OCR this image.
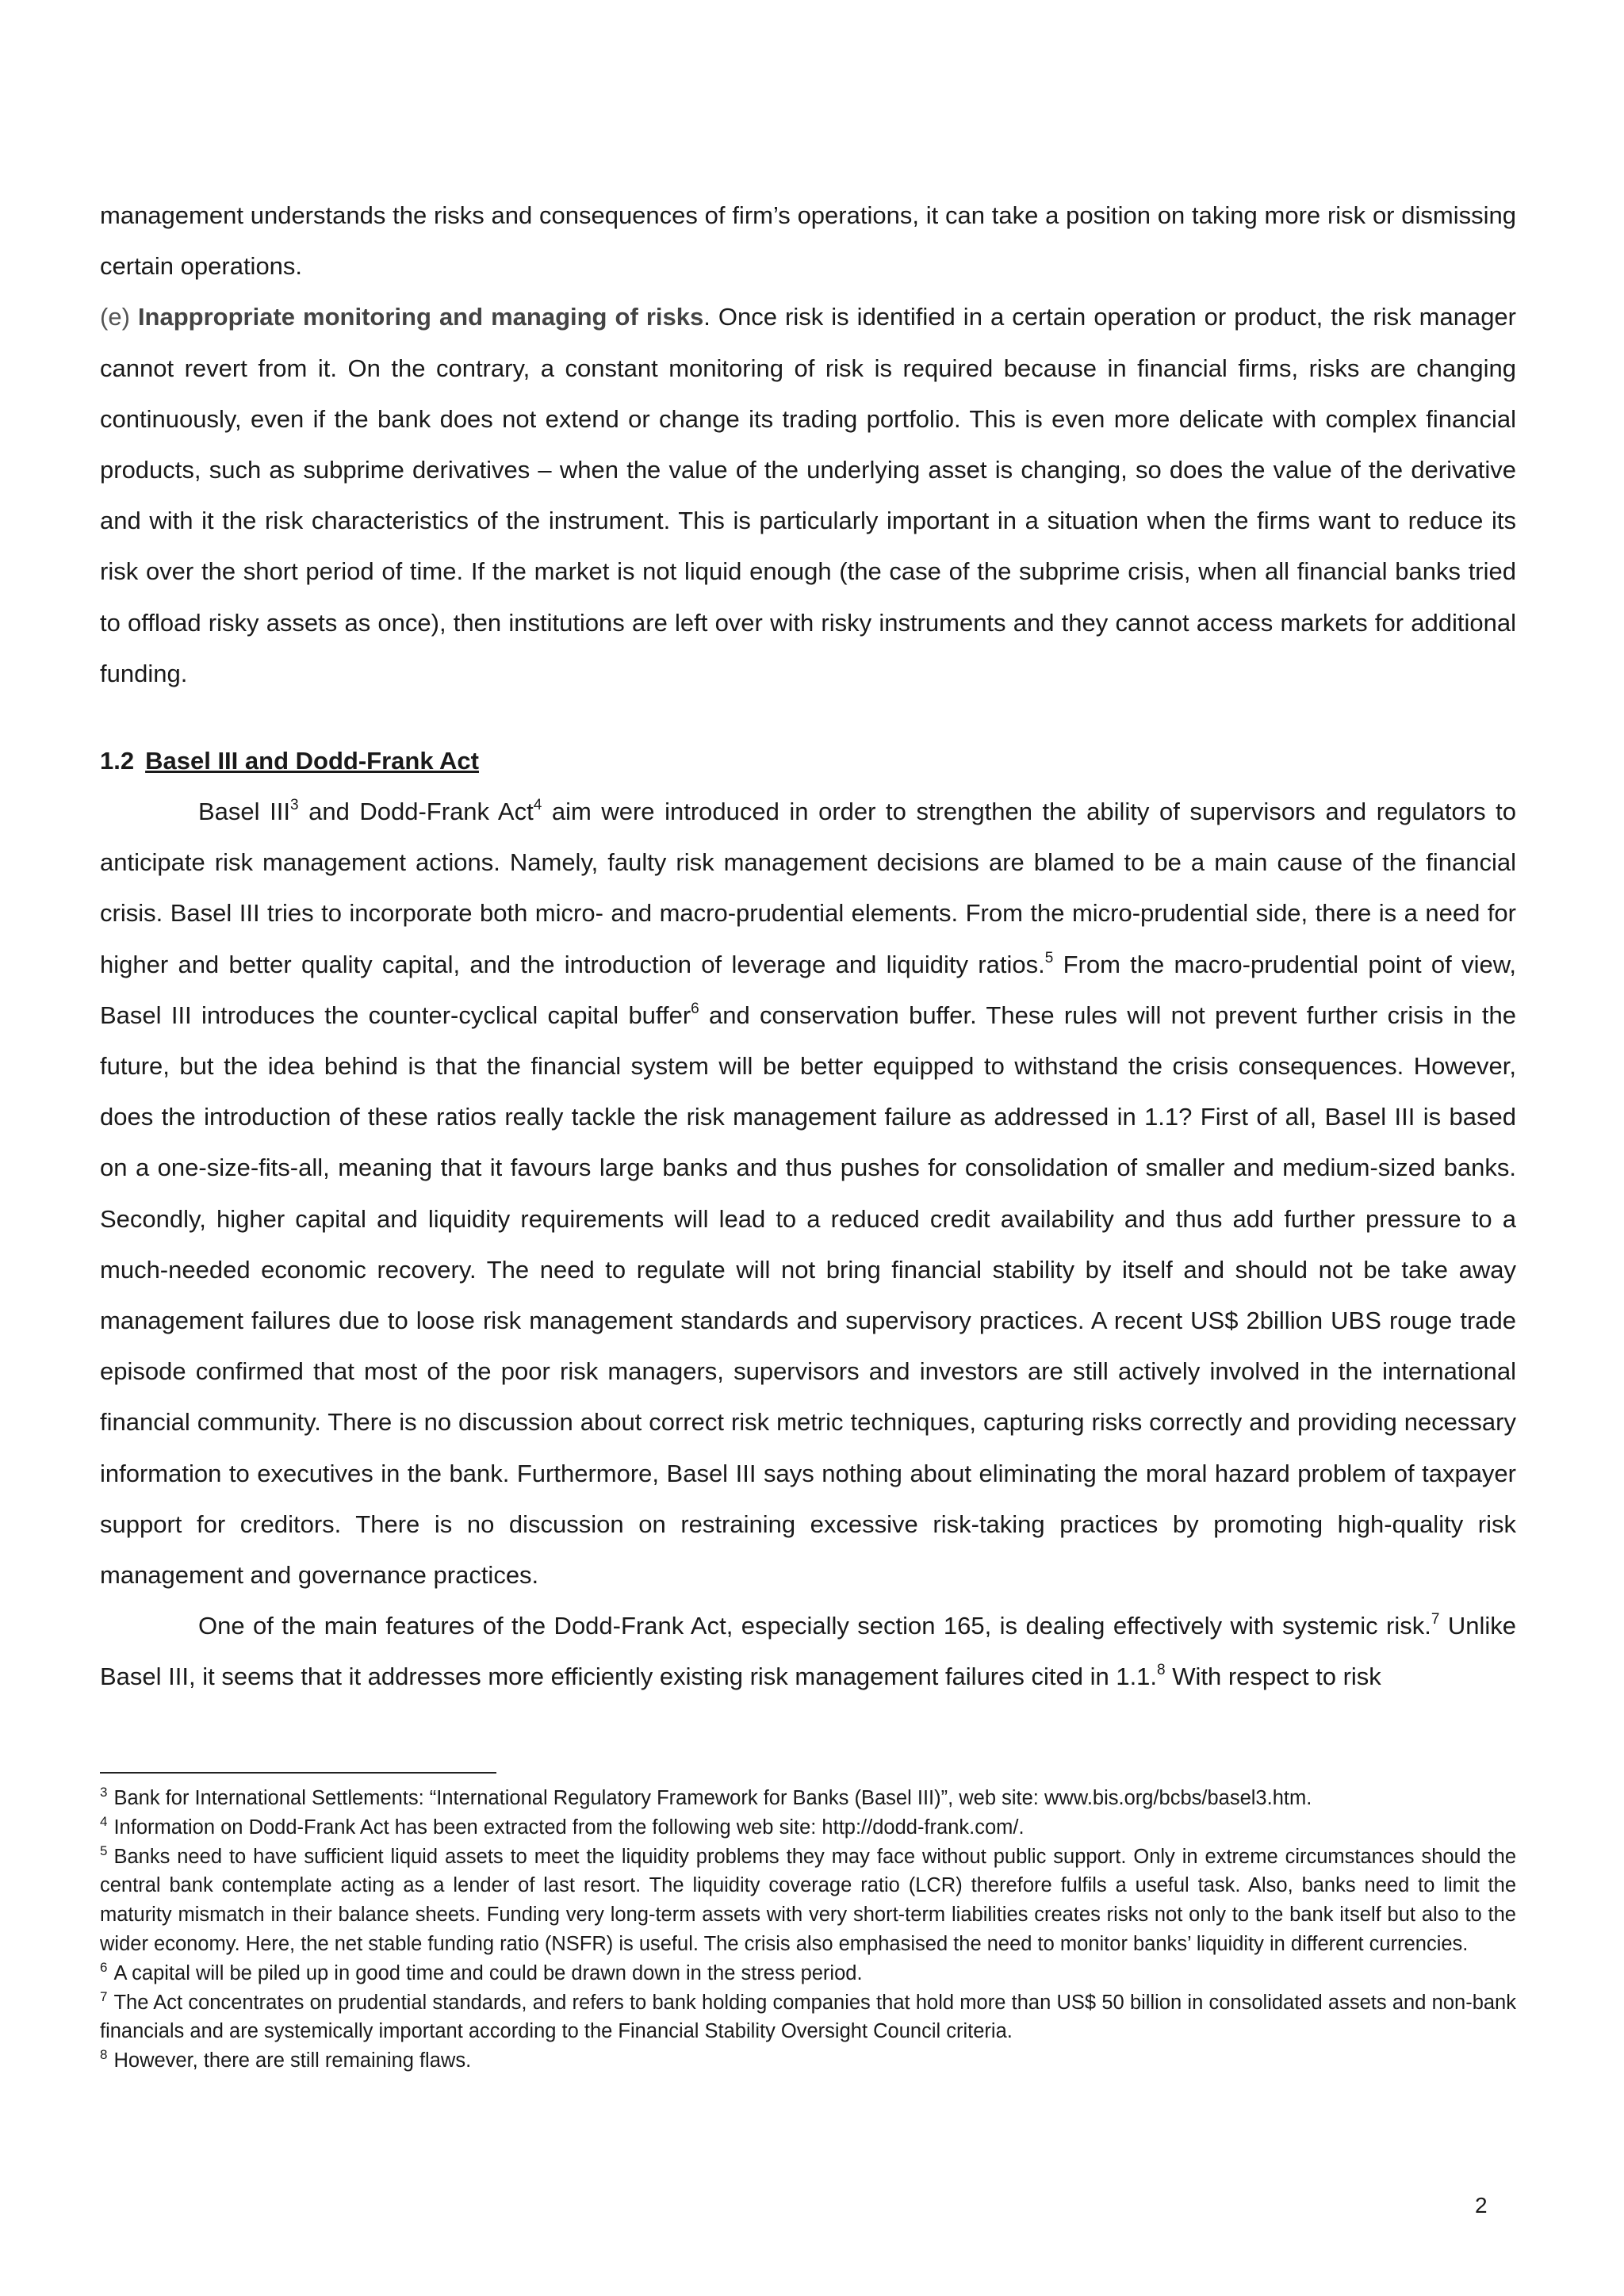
management understands the risks and consequences of firm’s operations, it can take a position on taking more risk or dismissing certain operations.

(e) Inappropriate monitoring and managing of risks. Once risk is identified in a certain operation or product, the risk manager cannot revert from it. On the contrary, a constant monitoring of risk is required because in financial firms, risks are changing continuously, even if the bank does not extend or change its trading portfolio. This is even more delicate with complex financial products, such as subprime derivatives – when the value of the underlying asset is changing, so does the value of the derivative and with it the risk characteristics of the instrument. This is particularly important in a situation when the firms want to reduce its risk over the short period of time. If the market is not liquid enough (the case of the subprime crisis, when all financial banks tried to offload risky assets as once), then institutions are left over with risky instruments and they cannot access markets for additional funding.

1.2 Basel III and Dodd-Frank Act

Basel III$^3$ and Dodd-Frank Act$^4$ aim were introduced in order to strengthen the ability of supervisors and regulators to anticipate risk management actions. Namely, faulty risk management decisions are blamed to be a main cause of the financial crisis. Basel III tries to incorporate both micro- and macro-prudential elements. From the micro-prudential side, there is a need for higher and better quality capital, and the introduction of leverage and liquidity ratios.$^5$ From the macro-prudential point of view, Basel III introduces the counter-cyclical capital buffer$^6$ and conservation buffer. These rules will not prevent further crisis in the future, but the idea behind is that the financial system will be better equipped to withstand the crisis consequences. However, does the introduction of these ratios really tackle the risk management failure as addressed in 1.1? First of all, Basel III is based on a one-size-fits-all, meaning that it favours large banks and thus pushes for consolidation of smaller and medium-sized banks. Secondly, higher capital and liquidity requirements will lead to a reduced credit availability and thus add further pressure to a much-needed economic recovery. The need to regulate will not bring financial stability by itself and should not be take away management failures due to loose risk management standards and supervisory practices. A recent US$ 2billion UBS rouge trade episode confirmed that most of the poor risk managers, supervisors and investors are still actively involved in the international financial community. There is no discussion about correct risk metric techniques, capturing risks correctly and providing necessary information to executives in the bank. Furthermore, Basel III says nothing about eliminating the moral hazard problem of taxpayer support for creditors. There is no discussion on restraining excessive risk-taking practices by promoting high-quality risk management and governance practices.

One of the main features of the Dodd-Frank Act, especially section 165, is dealing effectively with systemic risk.$^7$ Unlike Basel III, it seems that it addresses more efficiently existing risk management failures cited in 1.1.$^8$ With respect to risk

$^3$ Bank for International Settlements: “International Regulatory Framework for Banks (Basel III)”, web site: www.bis.org/bcbs/basel3.htm.

$^4$ Information on Dodd-Frank Act has been extracted from the following web site: http://dodd-frank.com/.

$^5$ Banks need to have sufficient liquid assets to meet the liquidity problems they may face without public support. Only in extreme circumstances should the central bank contemplate acting as a lender of last resort. The liquidity coverage ratio (LCR) therefore fulfils a useful task. Also, banks need to limit the maturity mismatch in their balance sheets. Funding very long-term assets with very short-term liabilities creates risks not only to the bank itself but also to the wider economy. Here, the net stable funding ratio (NSFR) is useful. The crisis also emphasised the need to monitor banks’ liquidity in different currencies.

$^6$ A capital will be piled up in good time and could be drawn down in the stress period.

$^7$ The Act concentrates on prudential standards, and refers to bank holding companies that hold more than US$ 50 billion in consolidated assets and non-bank financials and are systemically important according to the Financial Stability Oversight Council criteria.

$^8$ However, there are still remaining flaws.

2
